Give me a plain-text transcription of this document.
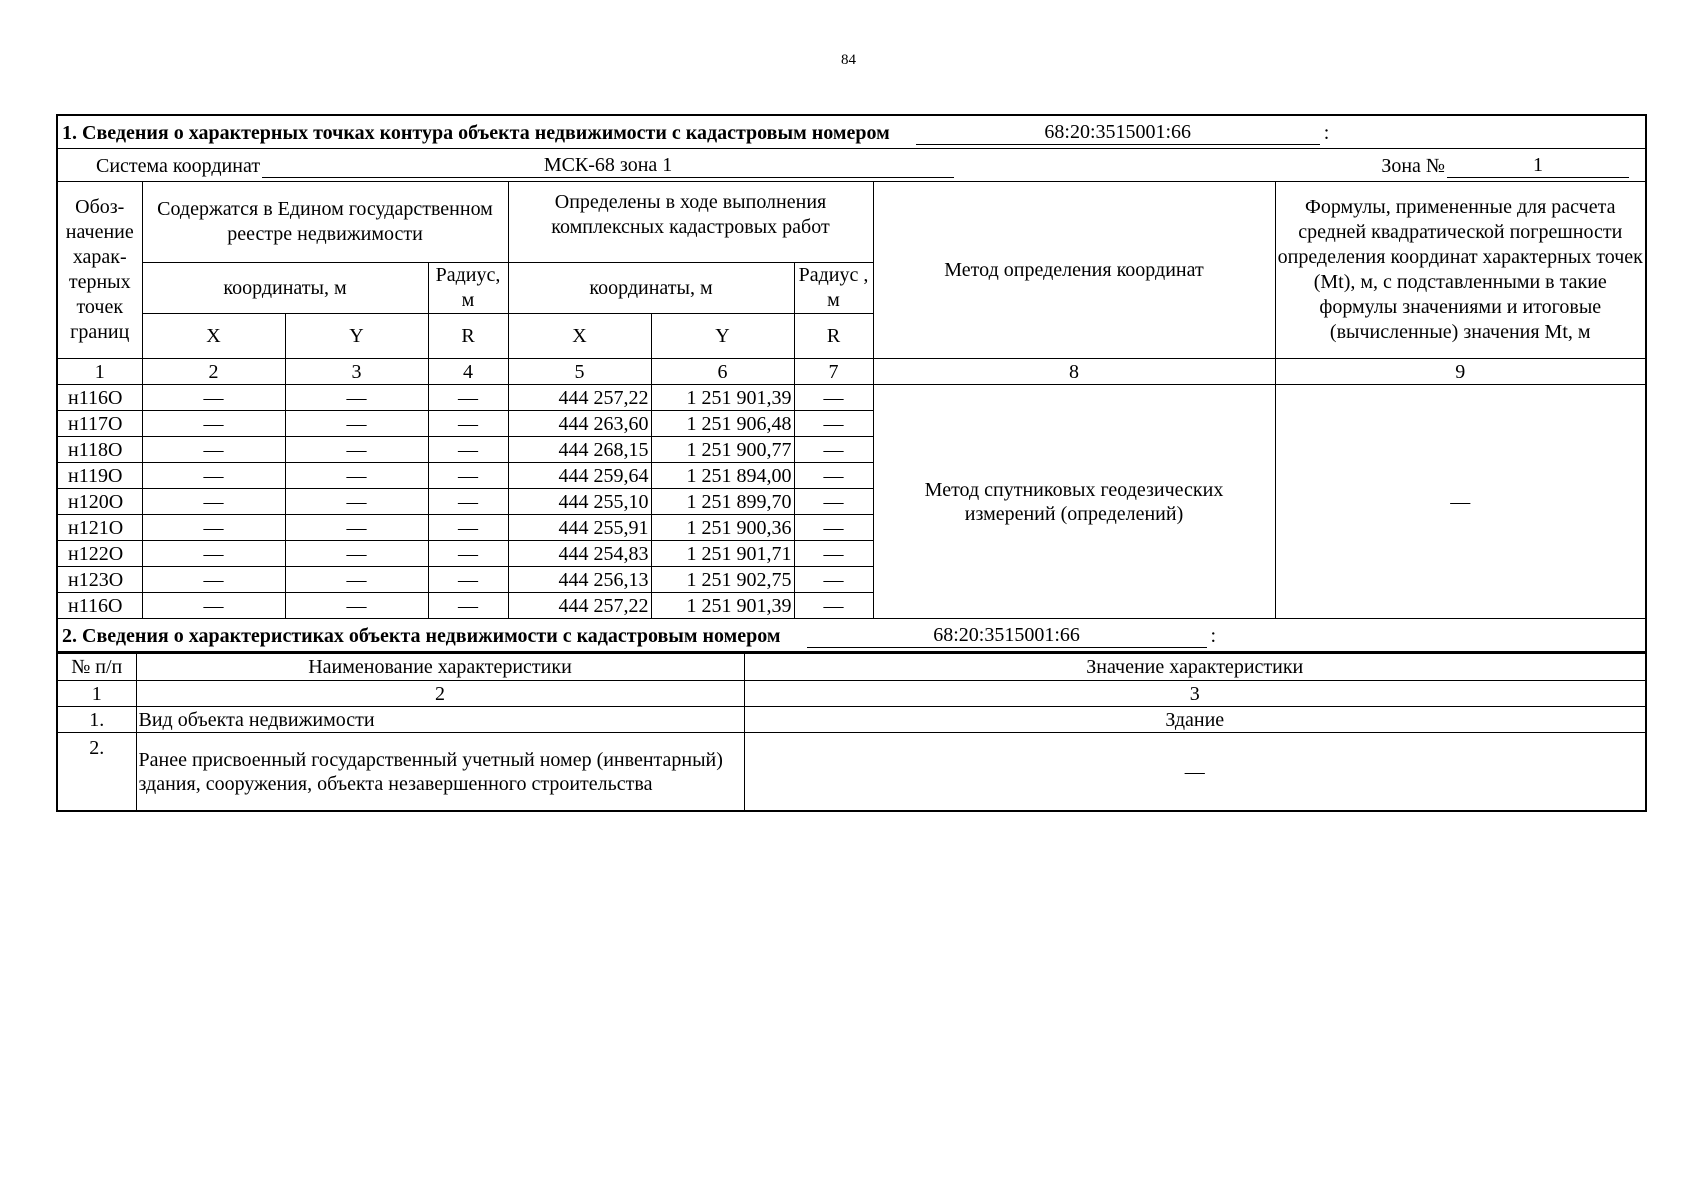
84
1. Сведения о характерных точках контура объекта недвижимости с кадастровым номером 68:20:3515001:66 :								

Система координат МСК-68 зона 1 Зона № 1								

Обоз- начение харак- терных точек границ	Содержатся в Едином государственном реестре недвижимости			Определены в ходе выполнения комплексных кадастровых работ			Метод определения координат	Формулы, примененные для расчета средней квадратической погрешности определения координат характерных точек (Mt), м, с подставленными в такие формулы значениями и итоговые (вычисленные) значения Mt, м
	координаты, м		Радиус, м	координаты, м		Радиус , м		
	X	Y	R	X	Y	R		
1	2	3	4	5	6	7	8	9
н116О	—	—	—	444 257,22	1 251 901,39	—	Метод спутниковых геодезических измерений (определений)	—
н117О	—	—	—	444 263,60	1 251 906,48	—		
н118О	—	—	—	444 268,15	1 251 900,77	—		
н119О	—	—	—	444 259,64	1 251 894,00	—		
н120О	—	—	—	444 255,10	1 251 899,70	—		
н121О	—	—	—	444 255,91	1 251 900,36	—		
н122О	—	—	—	444 254,83	1 251 901,71	—		
н123О	—	—	—	444 256,13	1 251 902,75	—		
н116О	—	—	—	444 257,22	1 251 901,39	—		

2. Сведения о характеристиках объекта недвижимости с кадастровым номером 68:20:3515001:66 :								
№ п/п	Наименование характеристики	Значение характеристики
1	2	3
1.	Вид объекта недвижимости	Здание
2.	Ранее присвоенный государственный учетный номер (инвентарный) здания, сооружения, объекта незавершенного строительства	—
